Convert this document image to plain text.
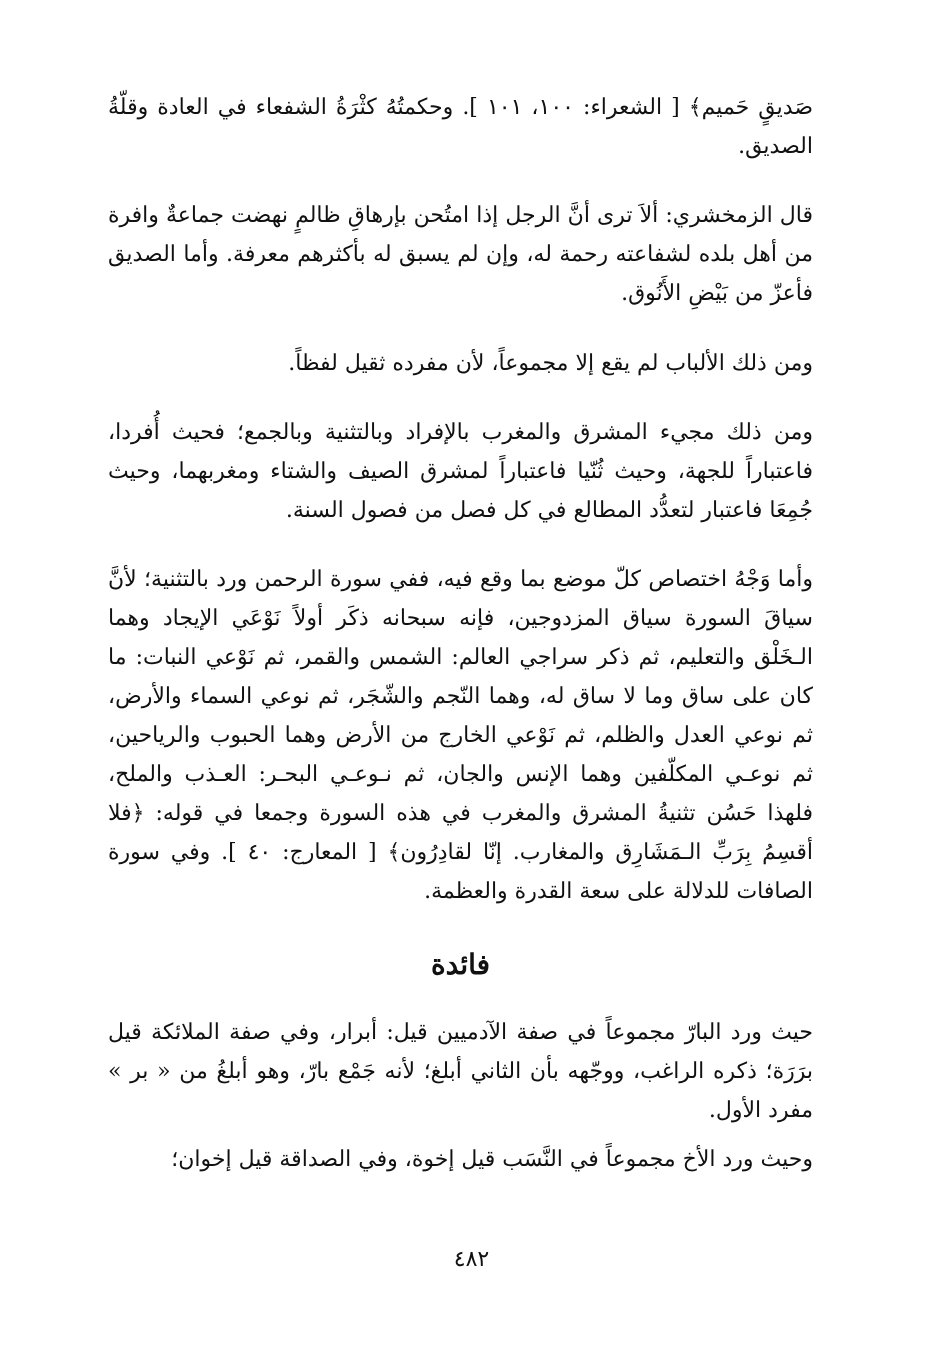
صَديقٍ حَميم﴾ [ الشعراء: ١٠٠، ١٠١ ]. وحكمتُهُ كثْرَةُ الشفعاء في العادة وقلّةُ الصديق.

قال الزمخشري: ألاَ ترى أنَّ الرجل إذا امتُحن بإرهاقِ ظالمٍ نهضت جماعةٌ وافرة من أهل بلده لشفاعته رحمة له، وإن لم يسبق له بأكثرهم معرفة. وأما الصديق فأعزّ من بَيْضِ الأَنُوق.

ومن ذلك الألباب لم يقع إلا مجموعاً، لأن مفرده ثقيل لفظاً.

ومن ذلك مجيء المشرق والمغرب بالإفراد وبالتثنية وبالجمع؛ فحيث أُفردا، فاعتباراً للجهة، وحيث ثُنّيا فاعتباراً لمشرق الصيف والشتاء ومغربهما، وحيث جُمِعَا فاعتبار لتعدُّد المطالع في كل فصل من فصول السنة.

وأما وَجْهُ اختصاص كلّ موضع بما وقع فيه، ففي سورة الرحمن ورد بالتثنية؛ لأنَّ سياقَ السورة سياق المزدوجين، فإنه سبحانه ذكَر أولاً نَوْعَي الإيجاد وهما الـخَلْق والتعليم، ثم ذكر سراجي العالم: الشمس والقمر، ثم نَوْعي النبات: ما كان على ساق وما لا ساق له، وهما النّجم والشّجَر، ثم نوعي السماء والأرض، ثم نوعي العدل والظلم، ثم نَوْعي الخارج من الأرض وهما الحبوب والرياحين، ثم نوعـي المكلّفين وهما الإنس والجان، ثم نـوعـي البحـر: العـذب والملح، فلهذا حَسُن تثنيةُ المشرق والمغرب في هذه السورة وجمعا في قوله: ﴿فلا أقسِمُ بِرَبِّ الـمَشَارِق والمغارب. إنّا لقادِرُون﴾ [ المعارج: ٤٠ ]. وفي سورة الصافات للدلالة على سعة القدرة والعظمة.

فائدة

حيث ورد البارّ مجموعاً في صفة الآدميين قيل: أبرار، وفي صفة الملائكة قيل برَرَة؛ ذكره الراغب، ووجّهه بأن الثاني أبلغ؛ لأنه جَمْع بارّ، وهو أبلغُ من « بر » مفرد الأول.

وحيث ورد الأخ مجموعاً في النَّسَب قيل إخوة، وفي الصداقة قيل إخوان؛

٤٨٢
